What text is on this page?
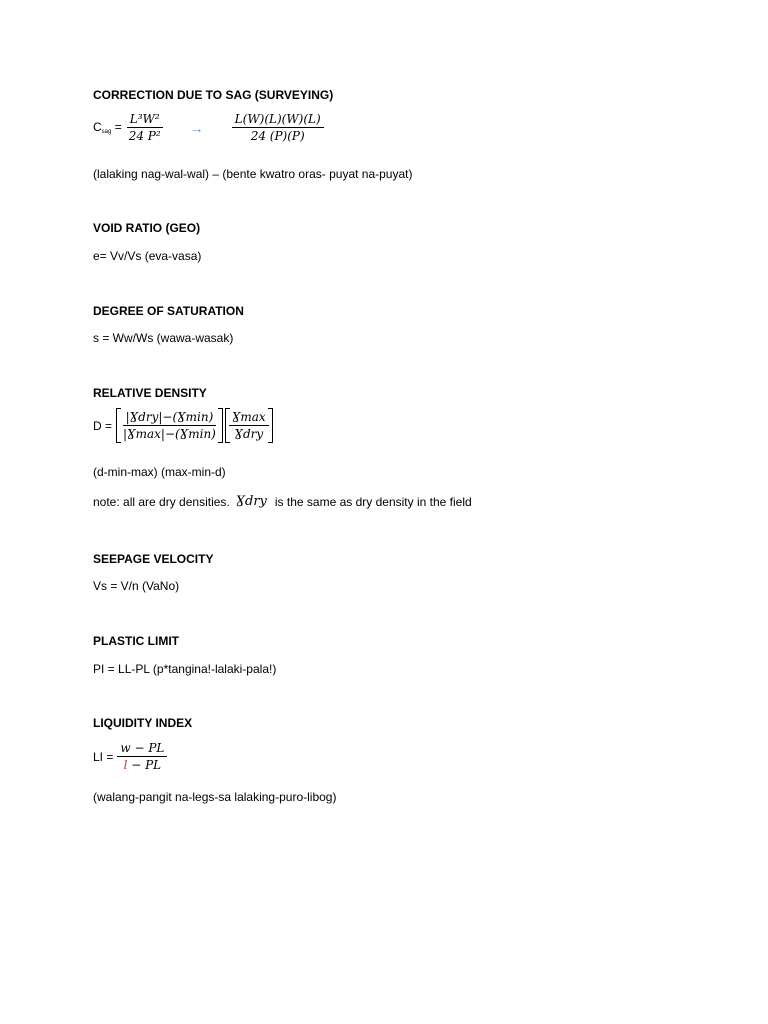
CORRECTION DUE TO SAG (SURVEYING)
$C_{sag} = \frac{\text{L³W²}}{\text{24 P²}} \to \frac{L(W)(L)(W)(L)}{24 (P)(P)}$
(lalaking nag-wal-wal) – (bente kwatro oras- puyat na-puyat)
VOID RATIO (GEO)
e= Vv/Vs (eva-vasa)
DEGREE OF SATURATION
s = Ww/Ws (wawa-wasak)
RELATIVE DENSITY
$D = \frac{\text{|Ɣdry|−(Ɣmin)}}{|Ɣ\max|-(Ɣ\min)} \frac{Ɣ\max}{\text{Ɣdry}}$
(d-min-max) (max-min-d)
note: all are dry densities. Ɣdry is the same as dry density in the field
SEEPAGE VELOCITY
Vs = V/n (VaNo)
PLASTIC LIMIT
PI = LL-PL (p*tangina!-lalaki-pala!)
LIQUIDITY INDEX
LI = $\frac{w - PL}{l - PL}$
(walang-pangit na-legs-sa lalaking-puro-libog)
